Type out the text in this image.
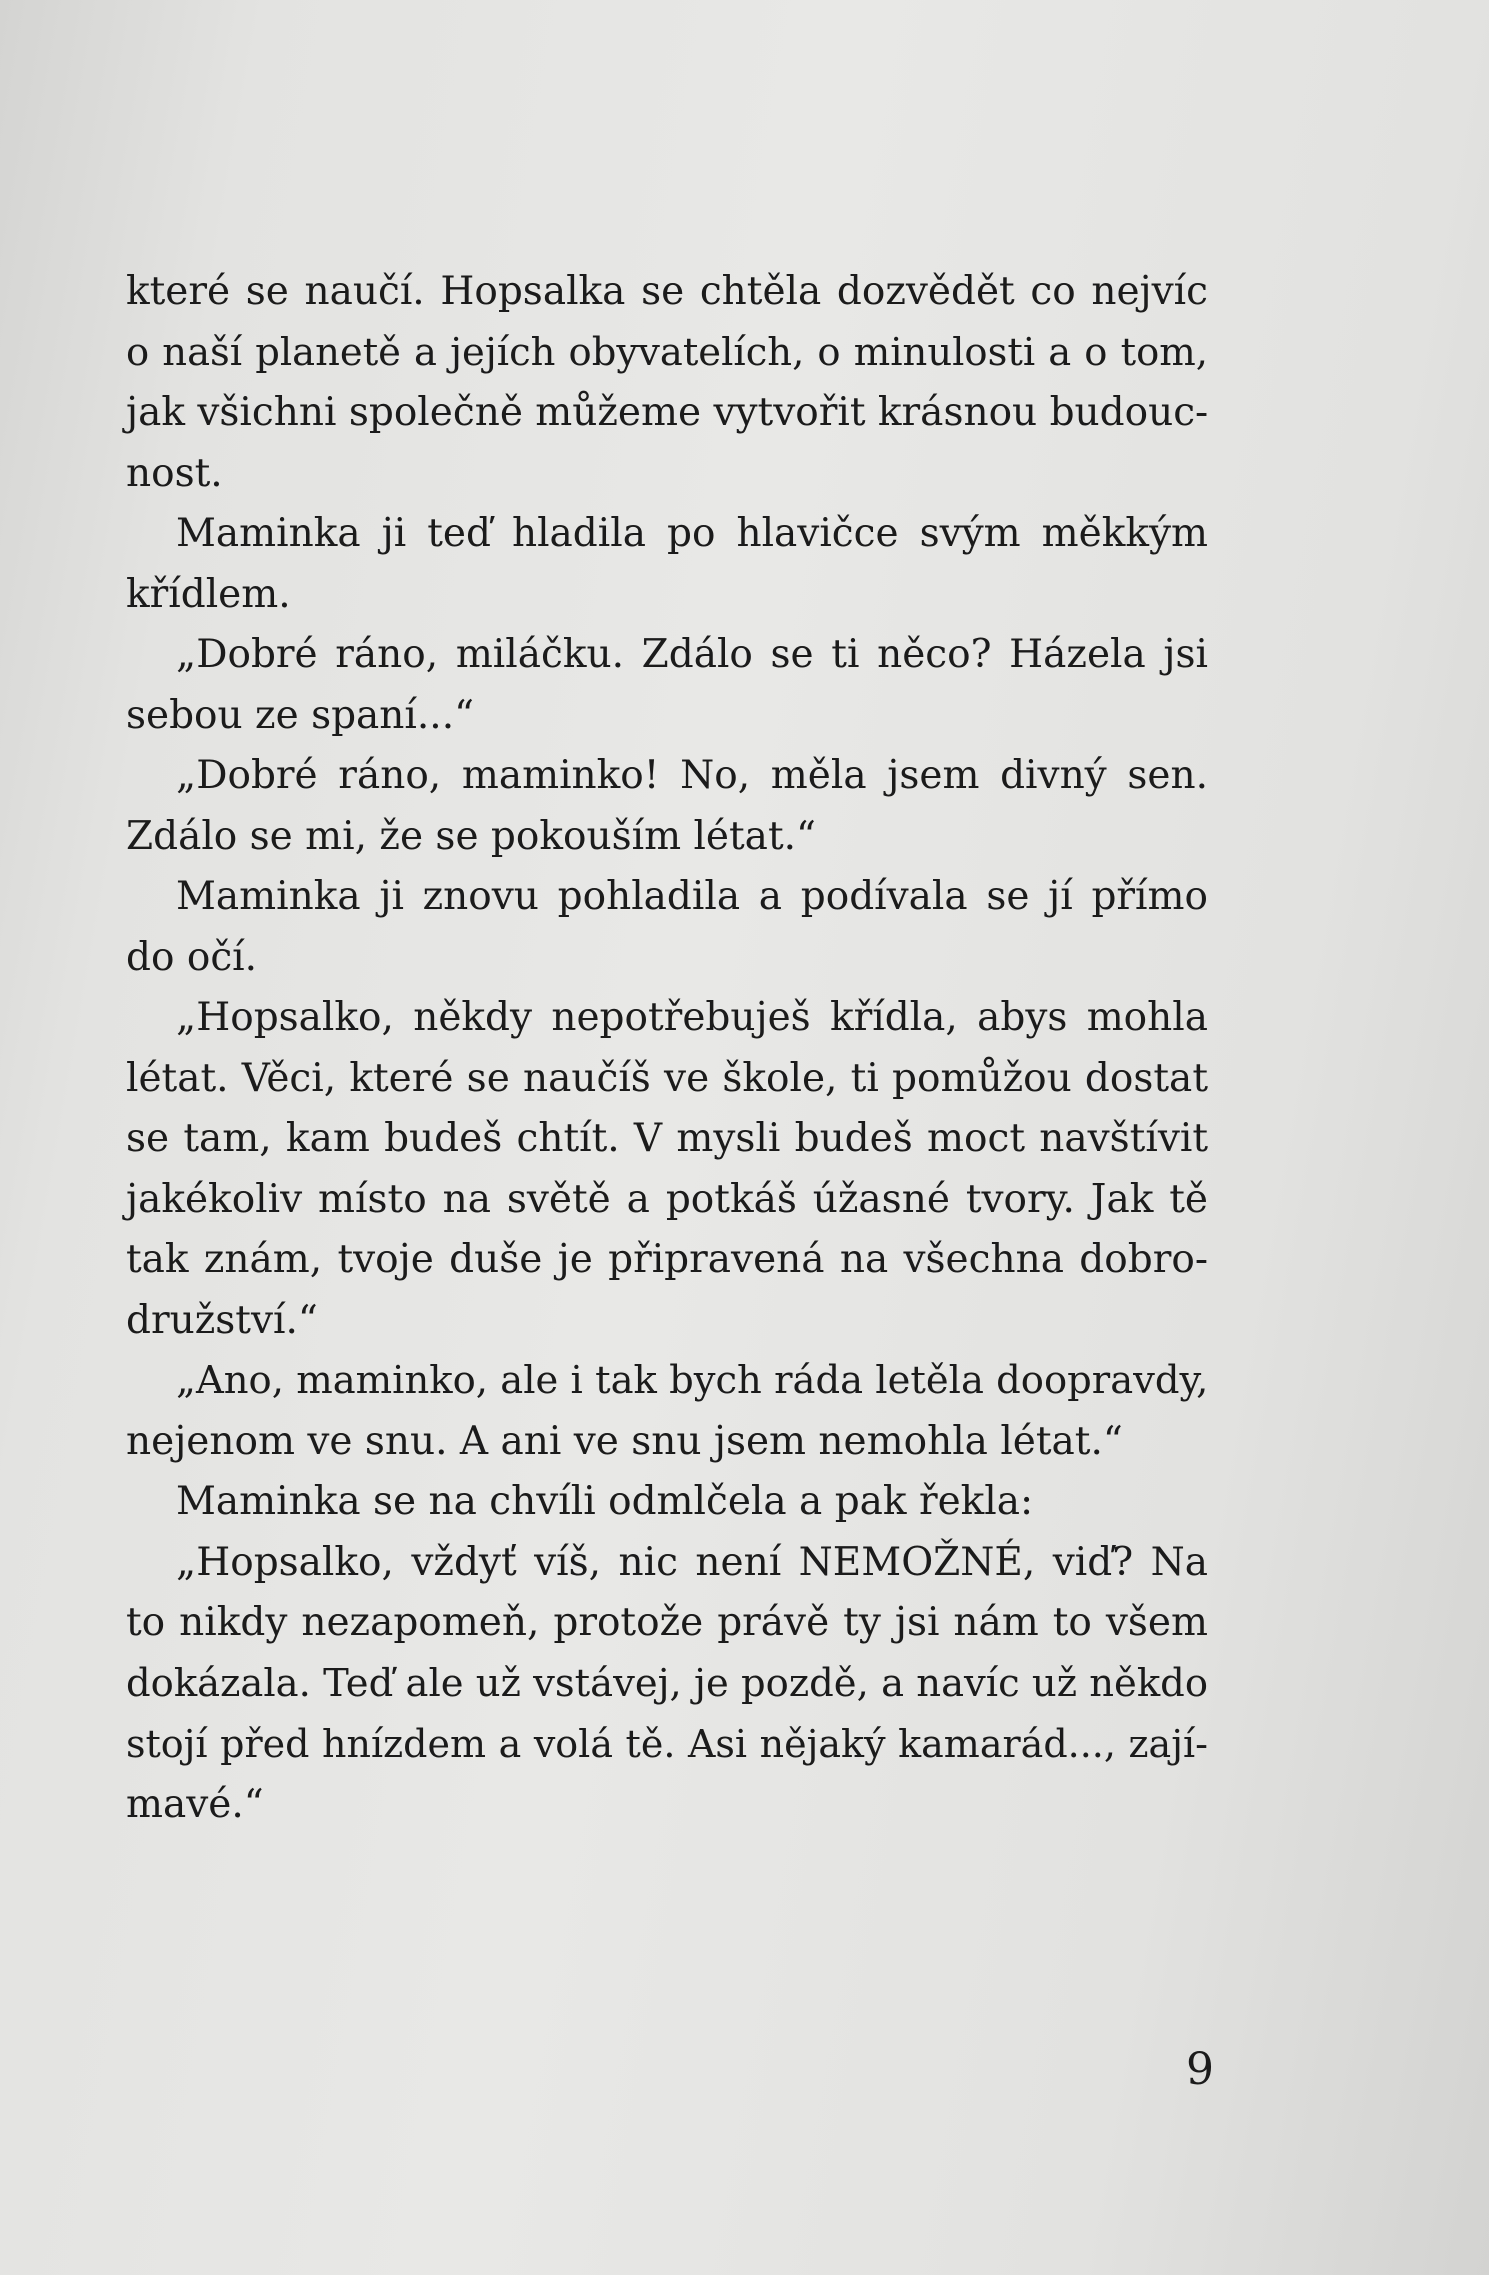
které se naučí. Hopsalka se chtěla dozvědět co nejvíc
o naší planetě a jejích obyvatelích, o minulosti a o tom,
jak všichni společně můžeme vytvořit krásnou budouc-
nost.
Maminka ji teď hladila po hlavičce svým měkkým
křídlem.
„Dobré ráno, miláčku. Zdálo se ti něco? Házela jsi
sebou ze spaní...“
„Dobré ráno, maminko! No, měla jsem divný sen.
Zdálo se mi, že se pokouším létat.“
Maminka ji znovu pohladila a podívala se jí přímo
do očí.
„Hopsalko, někdy nepotřebuješ křídla, abys mohla
létat. Věci, které se naučíš ve škole, ti pomůžou dostat
se tam, kam budeš chtít. V mysli budeš moct navštívit
jakékoliv místo na světě a potkáš úžasné tvory. Jak tě
tak znám, tvoje duše je připravená na všechna dobro-
družství.“
„Ano, maminko, ale i tak bych ráda letěla doopravdy,
nejenom ve snu. A ani ve snu jsem nemohla létat.“
Maminka se na chvíli odmlčela a pak řekla:
„Hopsalko, vždyť víš, nic není NEMOŽNÉ, viď? Na
to nikdy nezapomeň, protože právě ty jsi nám to všem
dokázala. Teď ale už vstávej, je pozdě, a navíc už někdo
stojí před hnízdem a volá tě. Asi nějaký kamarád..., zají-
mavé.“
9
